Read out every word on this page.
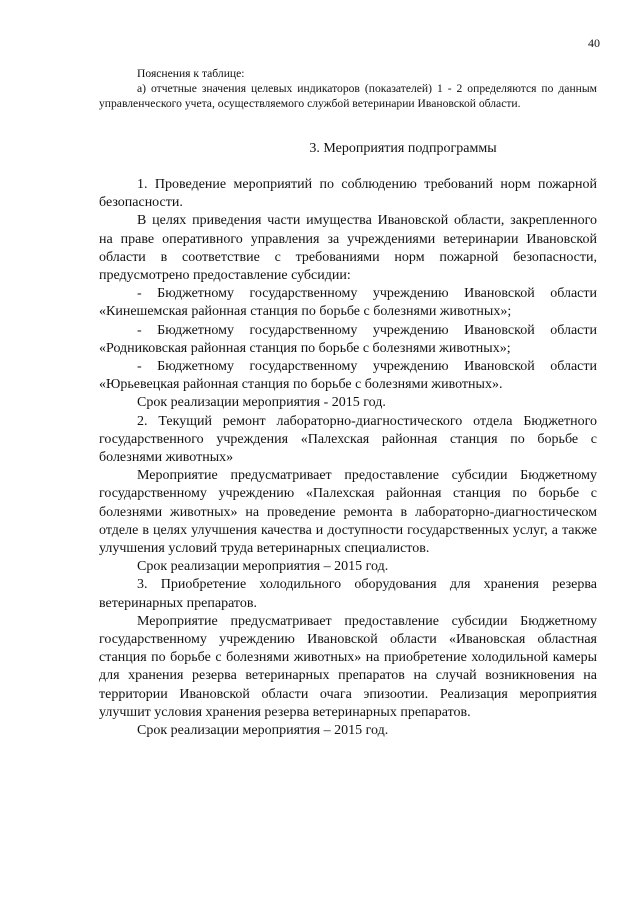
40

Пояснения к таблице:

а) отчетные значения целевых индикаторов (показателей) 1 - 2 определяются по данным управленческого учета, осуществляемого службой ветеринарии Ивановской области.

3. Мероприятия подпрограммы

1. Проведение мероприятий по соблюдению требований норм пожарной безопасности.

В целях приведения части имущества Ивановской области, закрепленного на праве оперативного управления за учреждениями ветеринарии Ивановской области в соответствие с требованиями норм пожарной безопасности, предусмотрено предоставление субсидии:

- Бюджетному государственному учреждению Ивановской области «Кинешемская районная станция по борьбе с болезнями животных»;

- Бюджетному государственному учреждению Ивановской области «Родниковская районная станция по борьбе с болезнями животных»;

- Бюджетному государственному учреждению Ивановской области «Юрьевецкая районная станция по борьбе с болезнями животных».

Срок реализации мероприятия - 2015 год.

2. Текущий ремонт лабораторно-диагностического отдела Бюджетного государственного учреждения «Палехская районная станция по борьбе с болезнями животных»

Мероприятие предусматривает предоставление субсидии Бюджетному государственному учреждению «Палехская районная станция по борьбе с болезнями животных» на проведение ремонта в лабораторно-диагностическом отделе в целях улучшения качества и доступности государственных услуг, а также улучшения условий труда ветеринарных специалистов.

Срок реализации мероприятия – 2015 год.

3. Приобретение холодильного оборудования для хранения резерва ветеринарных препаратов.

Мероприятие предусматривает предоставление субсидии Бюджетному государственному учреждению Ивановской области «Ивановская областная станция по борьбе с болезнями животных» на приобретение холодильной камеры для хранения резерва ветеринарных препаратов на случай возникновения на территории Ивановской области очага эпизоотии. Реализация мероприятия улучшит условия хранения резерва ветеринарных препаратов.

Срок реализации мероприятия – 2015 год.
